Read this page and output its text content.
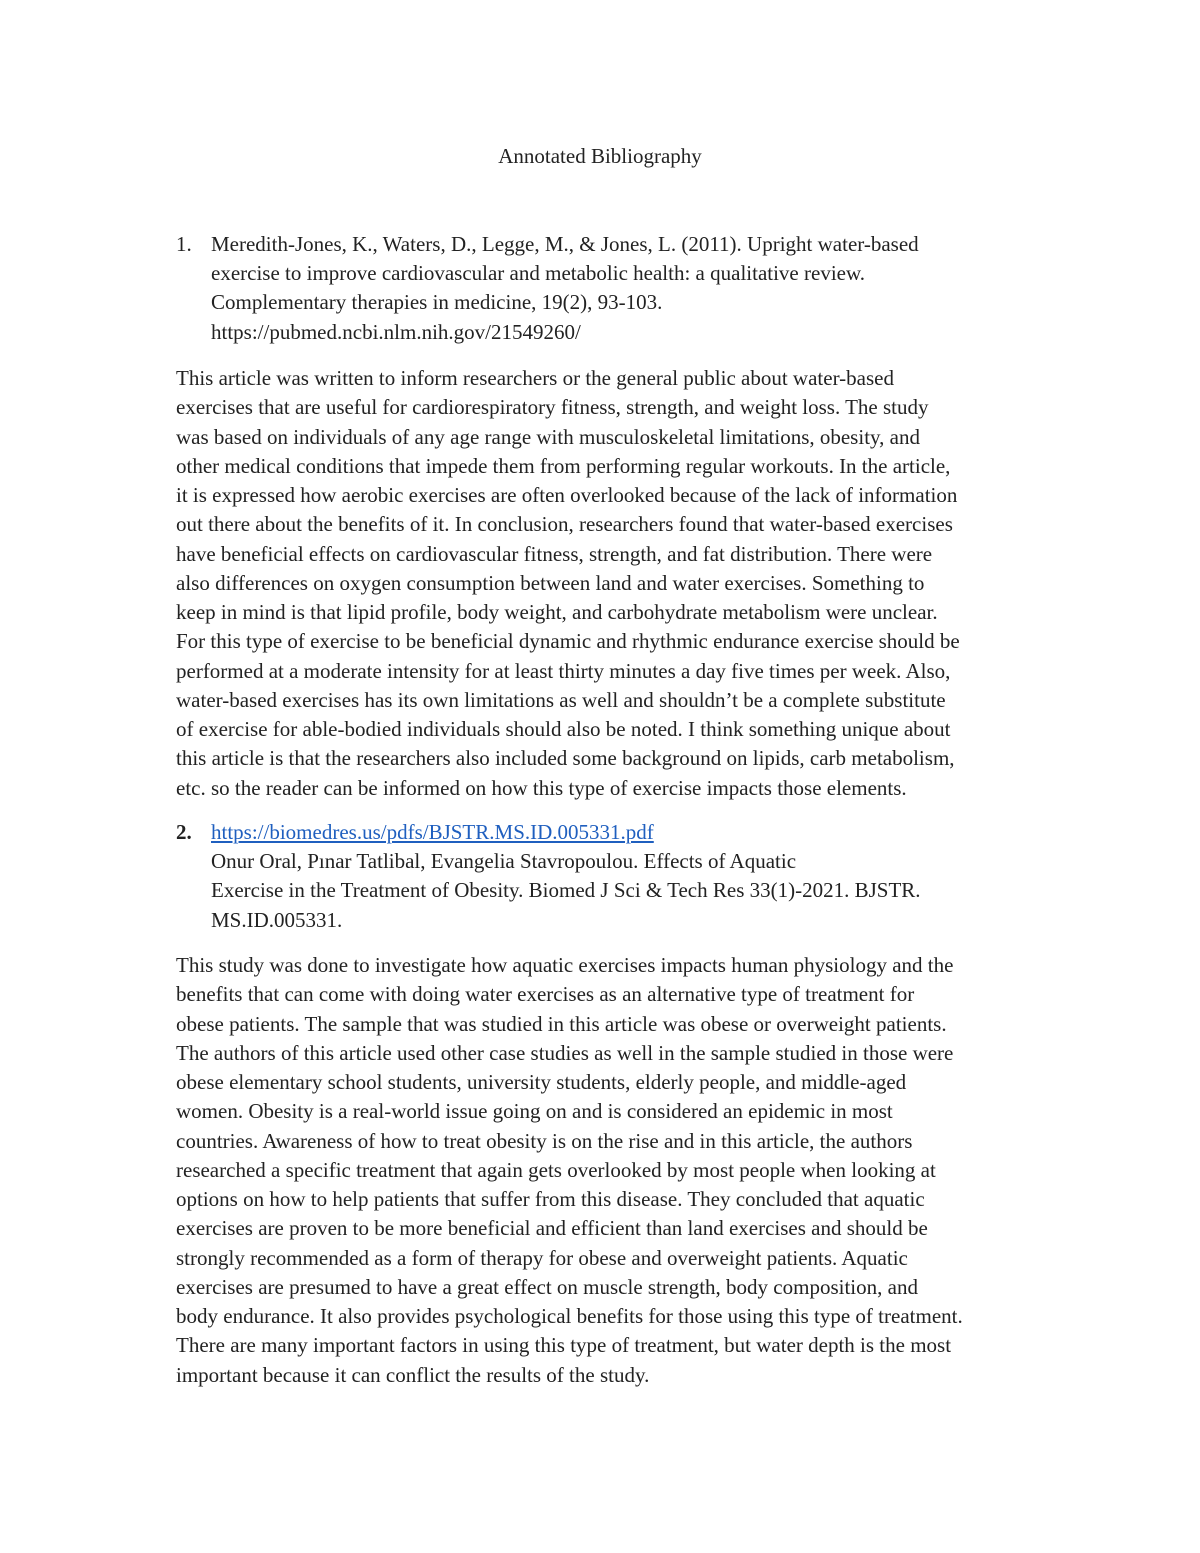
Annotated Bibliography
1. Meredith-Jones, K., Waters, D., Legge, M., & Jones, L. (2011). Upright water-based
exercise to improve cardiovascular and metabolic health: a qualitative review.
Complementary therapies in medicine, 19(2), 93-103.
https://pubmed.ncbi.nlm.nih.gov/21549260/
This article was written to inform researchers or the general public about water-based
exercises that are useful for cardiorespiratory fitness, strength, and weight loss. The study
was based on individuals of any age range with musculoskeletal limitations, obesity, and
other medical conditions that impede them from performing regular workouts. In the article,
it is expressed how aerobic exercises are often overlooked because of the lack of information
out there about the benefits of it. In conclusion, researchers found that water-based exercises
have beneficial effects on cardiovascular fitness, strength, and fat distribution. There were
also differences on oxygen consumption between land and water exercises. Something to
keep in mind is that lipid profile, body weight, and carbohydrate metabolism were unclear.
For this type of exercise to be beneficial dynamic and rhythmic endurance exercise should be
performed at a moderate intensity for at least thirty minutes a day five times per week. Also,
water-based exercises has its own limitations as well and shouldn’t be a complete substitute
of exercise for able-bodied individuals should also be noted. I think something unique about
this article is that the researchers also included some background on lipids, carb metabolism,
etc. so the reader can be informed on how this type of exercise impacts those elements.
2. https://biomedres.us/pdfs/BJSTR.MS.ID.005331.pdf
Onur Oral, Pınar Tatlibal, Evangelia Stavropoulou. Effects of Aquatic
Exercise in the Treatment of Obesity. Biomed J Sci & Tech Res 33(1)-2021. BJSTR.
MS.ID.005331.
This study was done to investigate how aquatic exercises impacts human physiology and the
benefits that can come with doing water exercises as an alternative type of treatment for
obese patients. The sample that was studied in this article was obese or overweight patients.
The authors of this article used other case studies as well in the sample studied in those were
obese elementary school students, university students, elderly people, and middle-aged
women. Obesity is a real-world issue going on and is considered an epidemic in most
countries. Awareness of how to treat obesity is on the rise and in this article, the authors
researched a specific treatment that again gets overlooked by most people when looking at
options on how to help patients that suffer from this disease. They concluded that aquatic
exercises are proven to be more beneficial and efficient than land exercises and should be
strongly recommended as a form of therapy for obese and overweight patients. Aquatic
exercises are presumed to have a great effect on muscle strength, body composition, and
body endurance. It also provides psychological benefits for those using this type of treatment.
There are many important factors in using this type of treatment, but water depth is the most
important because it can conflict the results of the study.
